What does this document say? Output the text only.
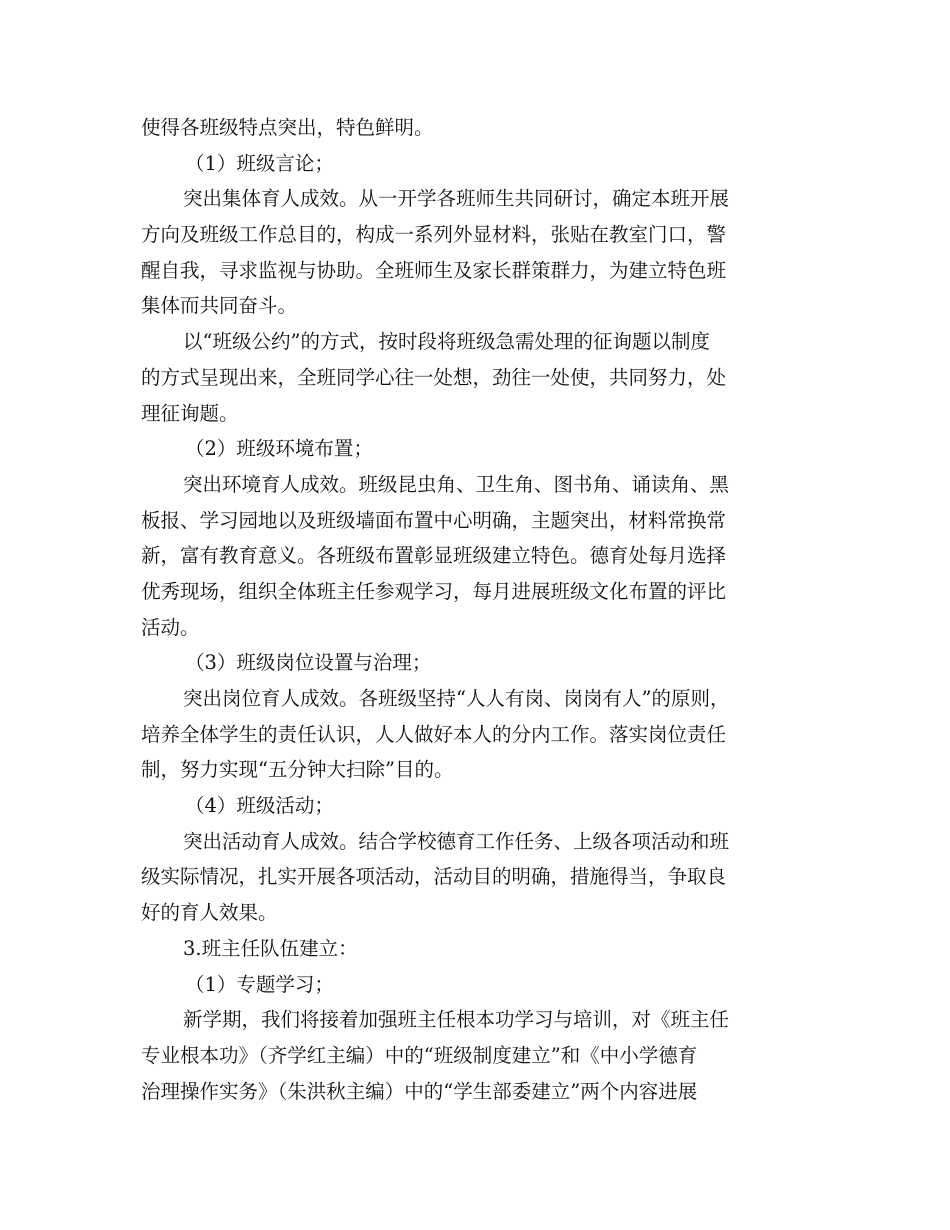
使得各班级特点突出，特色鲜明。
（1）班级言论；
突出集体育人成效。从一开学各班师生共同研讨，确定本班开展
方向及班级工作总目的，构成一系列外显材料，张贴在教室门口，警
醒自我，寻求监视与协助。全班师生及家长群策群力，为建立特色班
集体而共同奋斗。
以“班级公约”的方式，按时段将班级急需处理的征询题以制度
的方式呈现出来，全班同学心往一处想，劲往一处使，共同努力，处
理征询题。
（2）班级环境布置；
突出环境育人成效。班级昆虫角、卫生角、图书角、诵读角、黑
板报、学习园地以及班级墙面布置中心明确，主题突出，材料常换常
新，富有教育意义。各班级布置彰显班级建立特色。德育处每月选择
优秀现场，组织全体班主任参观学习，每月进展班级文化布置的评比
活动。
（3）班级岗位设置与治理；
突出岗位育人成效。各班级坚持“人人有岗、岗岗有人”的原则，
培养全体学生的责任认识，人人做好本人的分内工作。落实岗位责任
制，努力实现“五分钟大扫除”目的。
（4）班级活动；
突出活动育人成效。结合学校德育工作任务、上级各项活动和班
级实际情况，扎实开展各项活动，活动目的明确，措施得当，争取良
好的育人效果。
3.班主任队伍建立：
（1）专题学习；
新学期，我们将接着加强班主任根本功学习与培训，对《班主任
专业根本功》（齐学红主编）中的“班级制度建立”和《中小学德育
治理操作实务》（朱洪秋主编）中的“学生部委建立”两个内容进展
